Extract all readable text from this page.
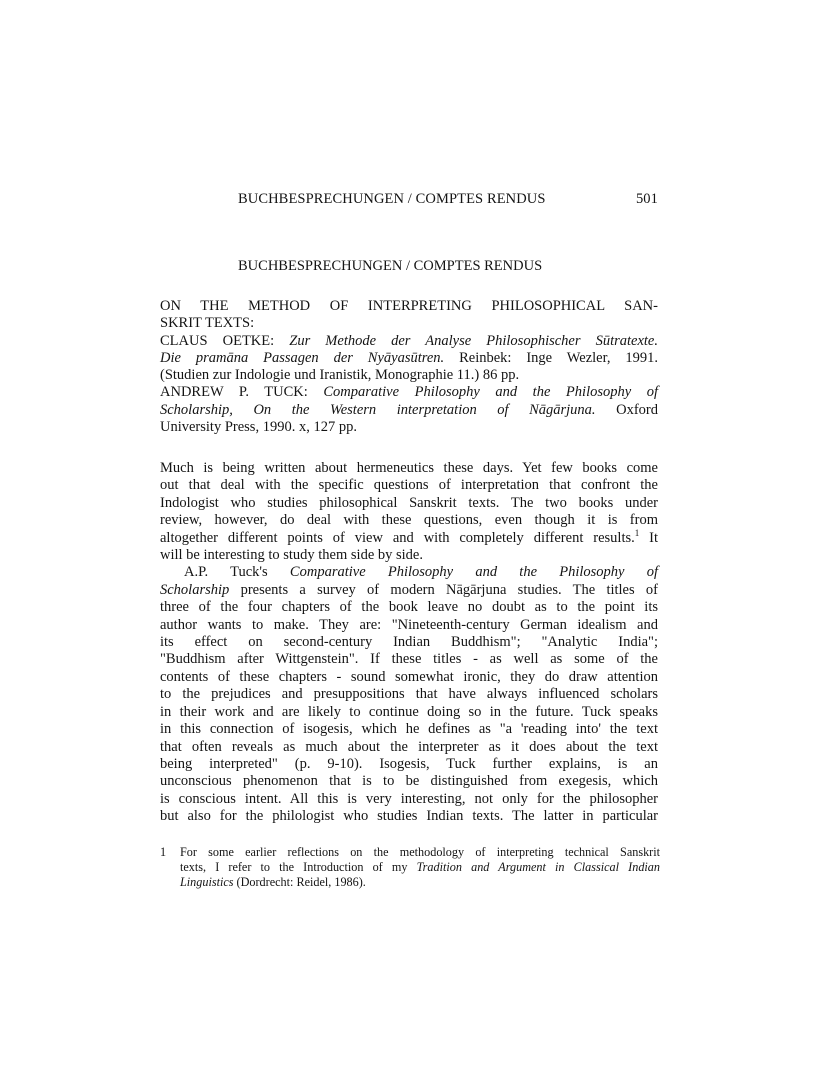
BUCHBESPRECHUNGEN / COMPTES RENDUS	501
BUCHBESPRECHUNGEN / COMPTES RENDUS
ON THE METHOD OF INTERPRETING PHILOSOPHICAL SAN-
SKRIT TEXTS:
CLAUS OETKE: Zur Methode der Analyse Philosophischer Sūtratexte.
Die pramāna Passagen der Nyāyasūtren. Reinbek: Inge Wezler, 1991.
(Studien zur Indologie und Iranistik, Monographie 11.) 86 pp.
ANDREW P. TUCK: Comparative Philosophy and the Philosophy of
Scholarship, On the Western interpretation of Nāgārjuna. Oxford
University Press, 1990. x, 127 pp.
Much is being written about hermeneutics these days. Yet few books come
out that deal with the specific questions of interpretation that confront the
Indologist who studies philosophical Sanskrit texts. The two books under
review, however, do deal with these questions, even though it is from
altogether different points of view and with completely different results.$^1$ It
will be interesting to study them side by side.
A.P. Tuck's Comparative Philosophy and the Philosophy of
Scholarship presents a survey of modern Nāgārjuna studies. The titles of
three of the four chapters of the book leave no doubt as to the point its
author wants to make. They are: "Nineteenth-century German idealism and
its effect on second-century Indian Buddhism"; "Analytic India";
"Buddhism after Wittgenstein". If these titles - as well as some of the
contents of these chapters - sound somewhat ironic, they do draw attention
to the prejudices and presuppositions that have always influenced scholars
in their work and are likely to continue doing so in the future. Tuck speaks
in this connection of isogesis, which he defines as "a 'reading into' the text
that often reveals as much about the interpreter as it does about the text
being interpreted" (p. 9-10). Isogesis, Tuck further explains, is an
unconscious phenomenon that is to be distinguished from exegesis, which
is conscious intent. All this is very interesting, not only for the philosopher
but also for the philologist who studies Indian texts. The latter in particular
1 For some earlier reflections on the methodology of interpreting technical Sanskrit
texts, I refer to the Introduction of my Tradition and Argument in Classical Indian
Linguistics (Dordrecht: Reidel, 1986).
